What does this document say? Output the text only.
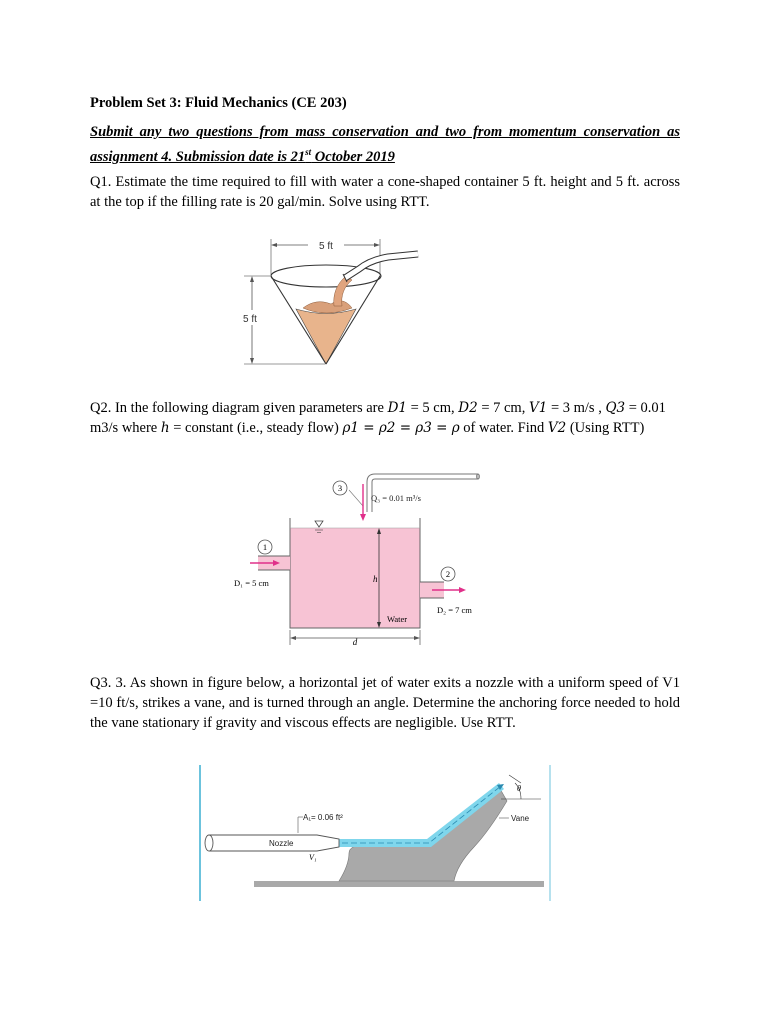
Problem Set 3: Fluid Mechanics (CE 203)

Submit any two questions from mass conservation and two from momentum conservation as assignment 4. Submission date is 21st October 2019

Q1. Estimate the time required to fill with water a cone-shaped container 5 ft. height and 5 ft. across at the top if the filling rate is 20 gal/min. Solve using RTT.

5 ft
5 ft

Q2. In the following diagram given parameters are D1 = 5 cm, D2 = 7 cm, V1 = 3 m/s , Q3 = 0.01 m3/s where h = constant (i.e., steady flow) ρ1 = ρ2 = ρ3 = ρ of water. Find V2 (Using RTT)

3
Q₃ = 0.01 m³/s
1
D₁ = 5 cm
2
D₂ = 7 cm
h
Water
d

Q3. 3. As shown in figure below, a horizontal jet of water exits a nozzle with a uniform speed of V1 =10 ft/s, strikes a vane, and is turned through an angle. Determine the anchoring force needed to hold the vane stationary if gravity and viscous effects are negligible. Use RTT.

Nozzle
V₁
A₁= 0.06 ft²	Vane
θ
